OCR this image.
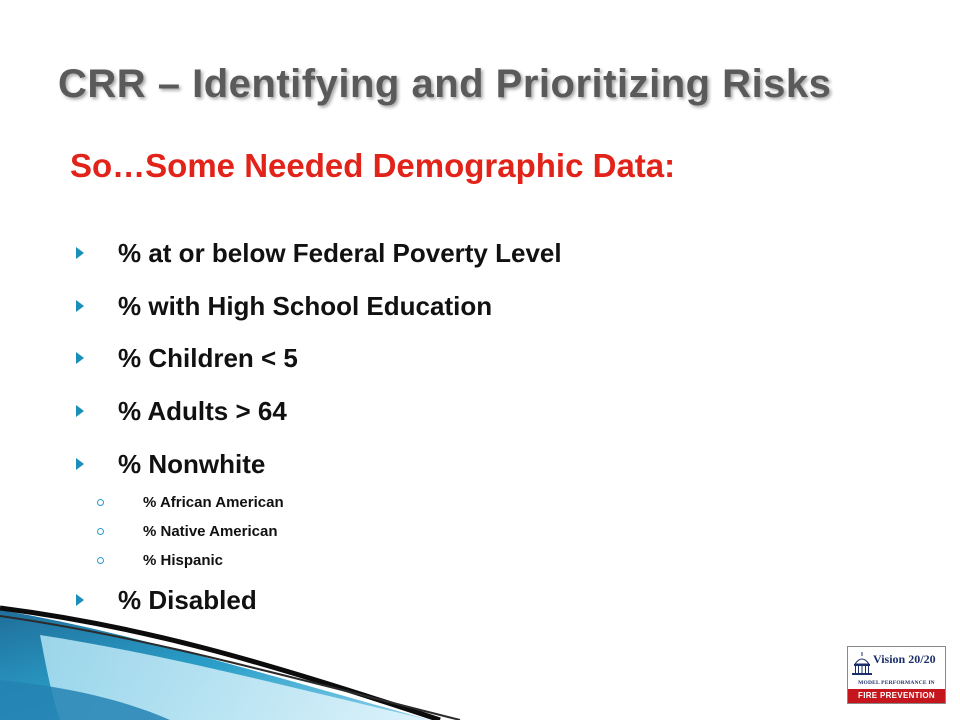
CRR – Identifying and Prioritizing Risks
So…Some Needed Demographic Data:
% at or below Federal Poverty Level
% with High School Education
% Children < 5
% Adults > 64
% Nonwhite
% African American
% Native American
% Hispanic
% Disabled
Vision 20/20
MODEL PERFORMANCE IN
FIRE PREVENTION
